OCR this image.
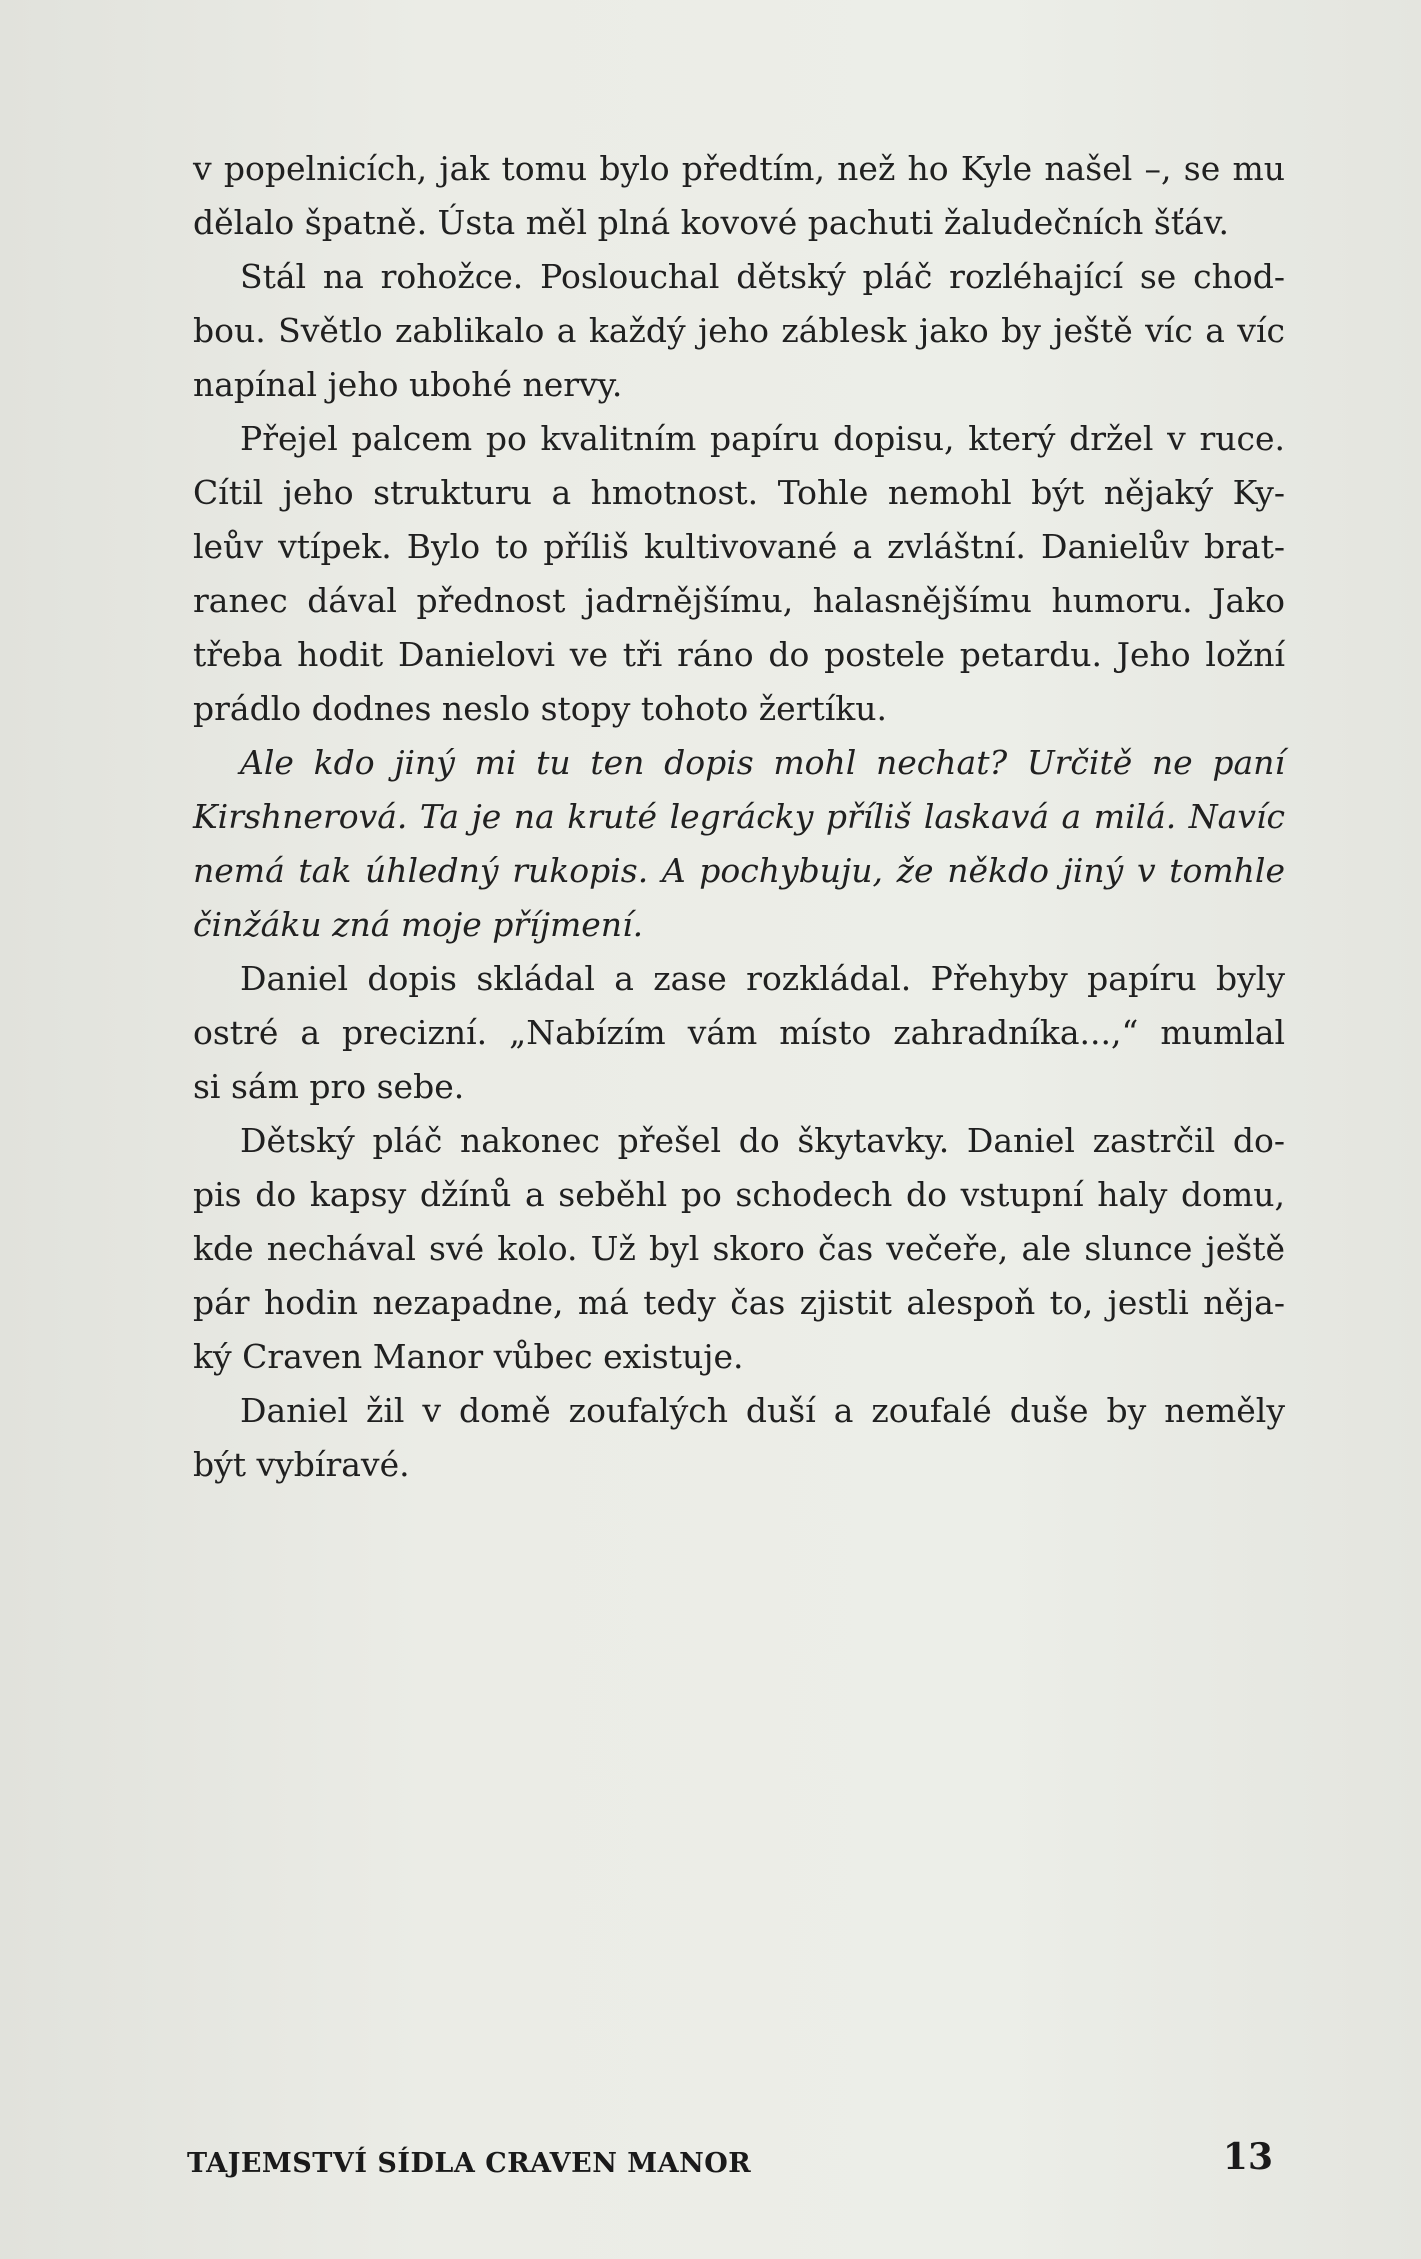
v popelnicích, jak tomu bylo předtím, než ho Kyle našel –, se mu
dělalo špatně. Ústa měl plná kovové pachuti žaludečních šťáv.
Stál na rohožce. Poslouchal dětský pláč rozléhající se chod-
bou. Světlo zablikalo a každý jeho záblesk jako by ještě víc a víc
napínal jeho ubohé nervy.
Přejel palcem po kvalitním papíru dopisu, který držel v ruce.
Cítil jeho strukturu a hmotnost. Tohle nemohl být nějaký Ky-
leův vtípek. Bylo to příliš kultivované a zvláštní. Danielův brat-
ranec dával přednost jadrnějšímu, halasnějšímu humoru. Jako
třeba hodit Danielovi ve tři ráno do postele petardu. Jeho ložní
prádlo dodnes neslo stopy tohoto žertíku.
Ale kdo jiný mi tu ten dopis mohl nechat? Určitě ne paní
Kirshnerová. Ta je na kruté legrácky příliš laskavá a milá. Navíc
nemá tak úhledný rukopis. A pochybuju, že někdo jiný v tomhle
činžáku zná moje příjmení.
Daniel dopis skládal a zase rozkládal. Přehyby papíru byly
ostré a precizní. „Nabízím vám místo zahradníka...,“ mumlal
si sám pro sebe.
Dětský pláč nakonec přešel do škytavky. Daniel zastrčil do-
pis do kapsy džínů a seběhl po schodech do vstupní haly domu,
kde nechával své kolo. Už byl skoro čas večeře, ale slunce ještě
pár hodin nezapadne, má tedy čas zjistit alespoň to, jestli něja-
ký Craven Manor vůbec existuje.
Daniel žil v domě zoufalých duší a zoufalé duše by neměly
být vybíravé.
TAJEMSTVÍ SÍDLA CRAVEN MANOR	13
